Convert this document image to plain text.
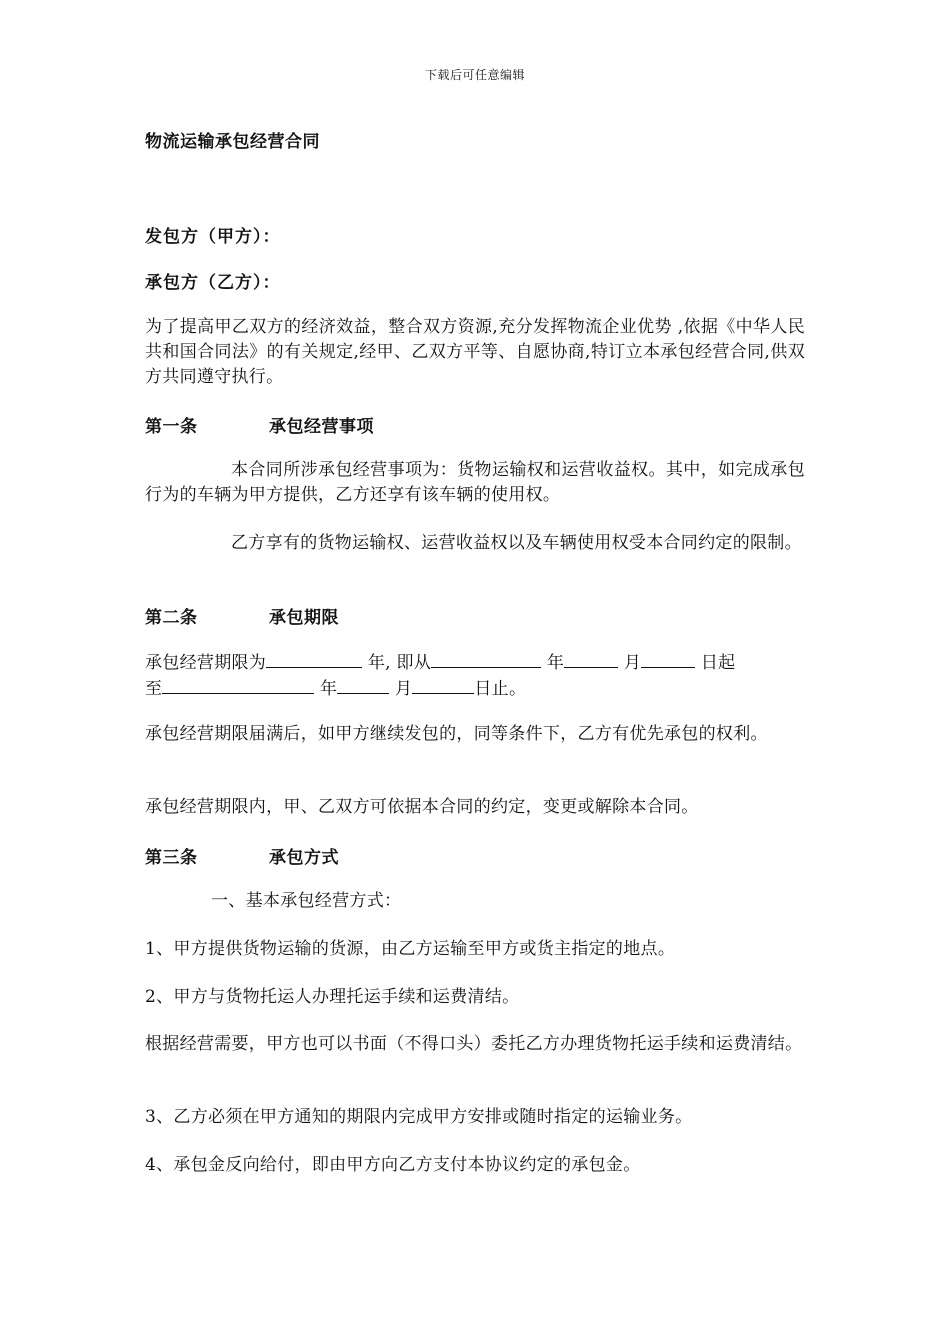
下载后可任意编辑
物流运输承包经营合同
发包方（甲方）：
承包方（乙方）：
为了提高甲乙双方的经济效益，整合双方资源,充分发挥物流企业优势 ,依据《中华人民共和国合同法》的有关规定,经甲、乙双方平等、自愿协商,特订立本承包经营合同,供双方共同遵守执行。
第一条	承包经营事项
本合同所涉承包经营事项为：货物运输权和运营收益权。其中，如完成承包行为的车辆为甲方提供，乙方还享有该车辆的使用权。
乙方享有的货物运输权、运营收益权以及车辆使用权受本合同约定的限制。
第二条	承包期限
承包经营期限为	年, 即从	年	月	日起
至	年	月	日止。
承包经营期限届满后，如甲方继续发包的，同等条件下，乙方有优先承包的权利。
承包经营期限内，甲、乙双方可依据本合同的约定，变更或解除本合同。
第三条	承包方式
一、基本承包经营方式：
1、甲方提供货物运输的货源，由乙方运输至甲方或货主指定的地点。
2、甲方与货物托运人办理托运手续和运费清结。
根据经营需要，甲方也可以书面（不得口头）委托乙方办理货物托运手续和运费清结。
3、乙方必须在甲方通知的期限内完成甲方安排或随时指定的运输业务。
4、承包金反向给付，即由甲方向乙方支付本协议约定的承包金。
